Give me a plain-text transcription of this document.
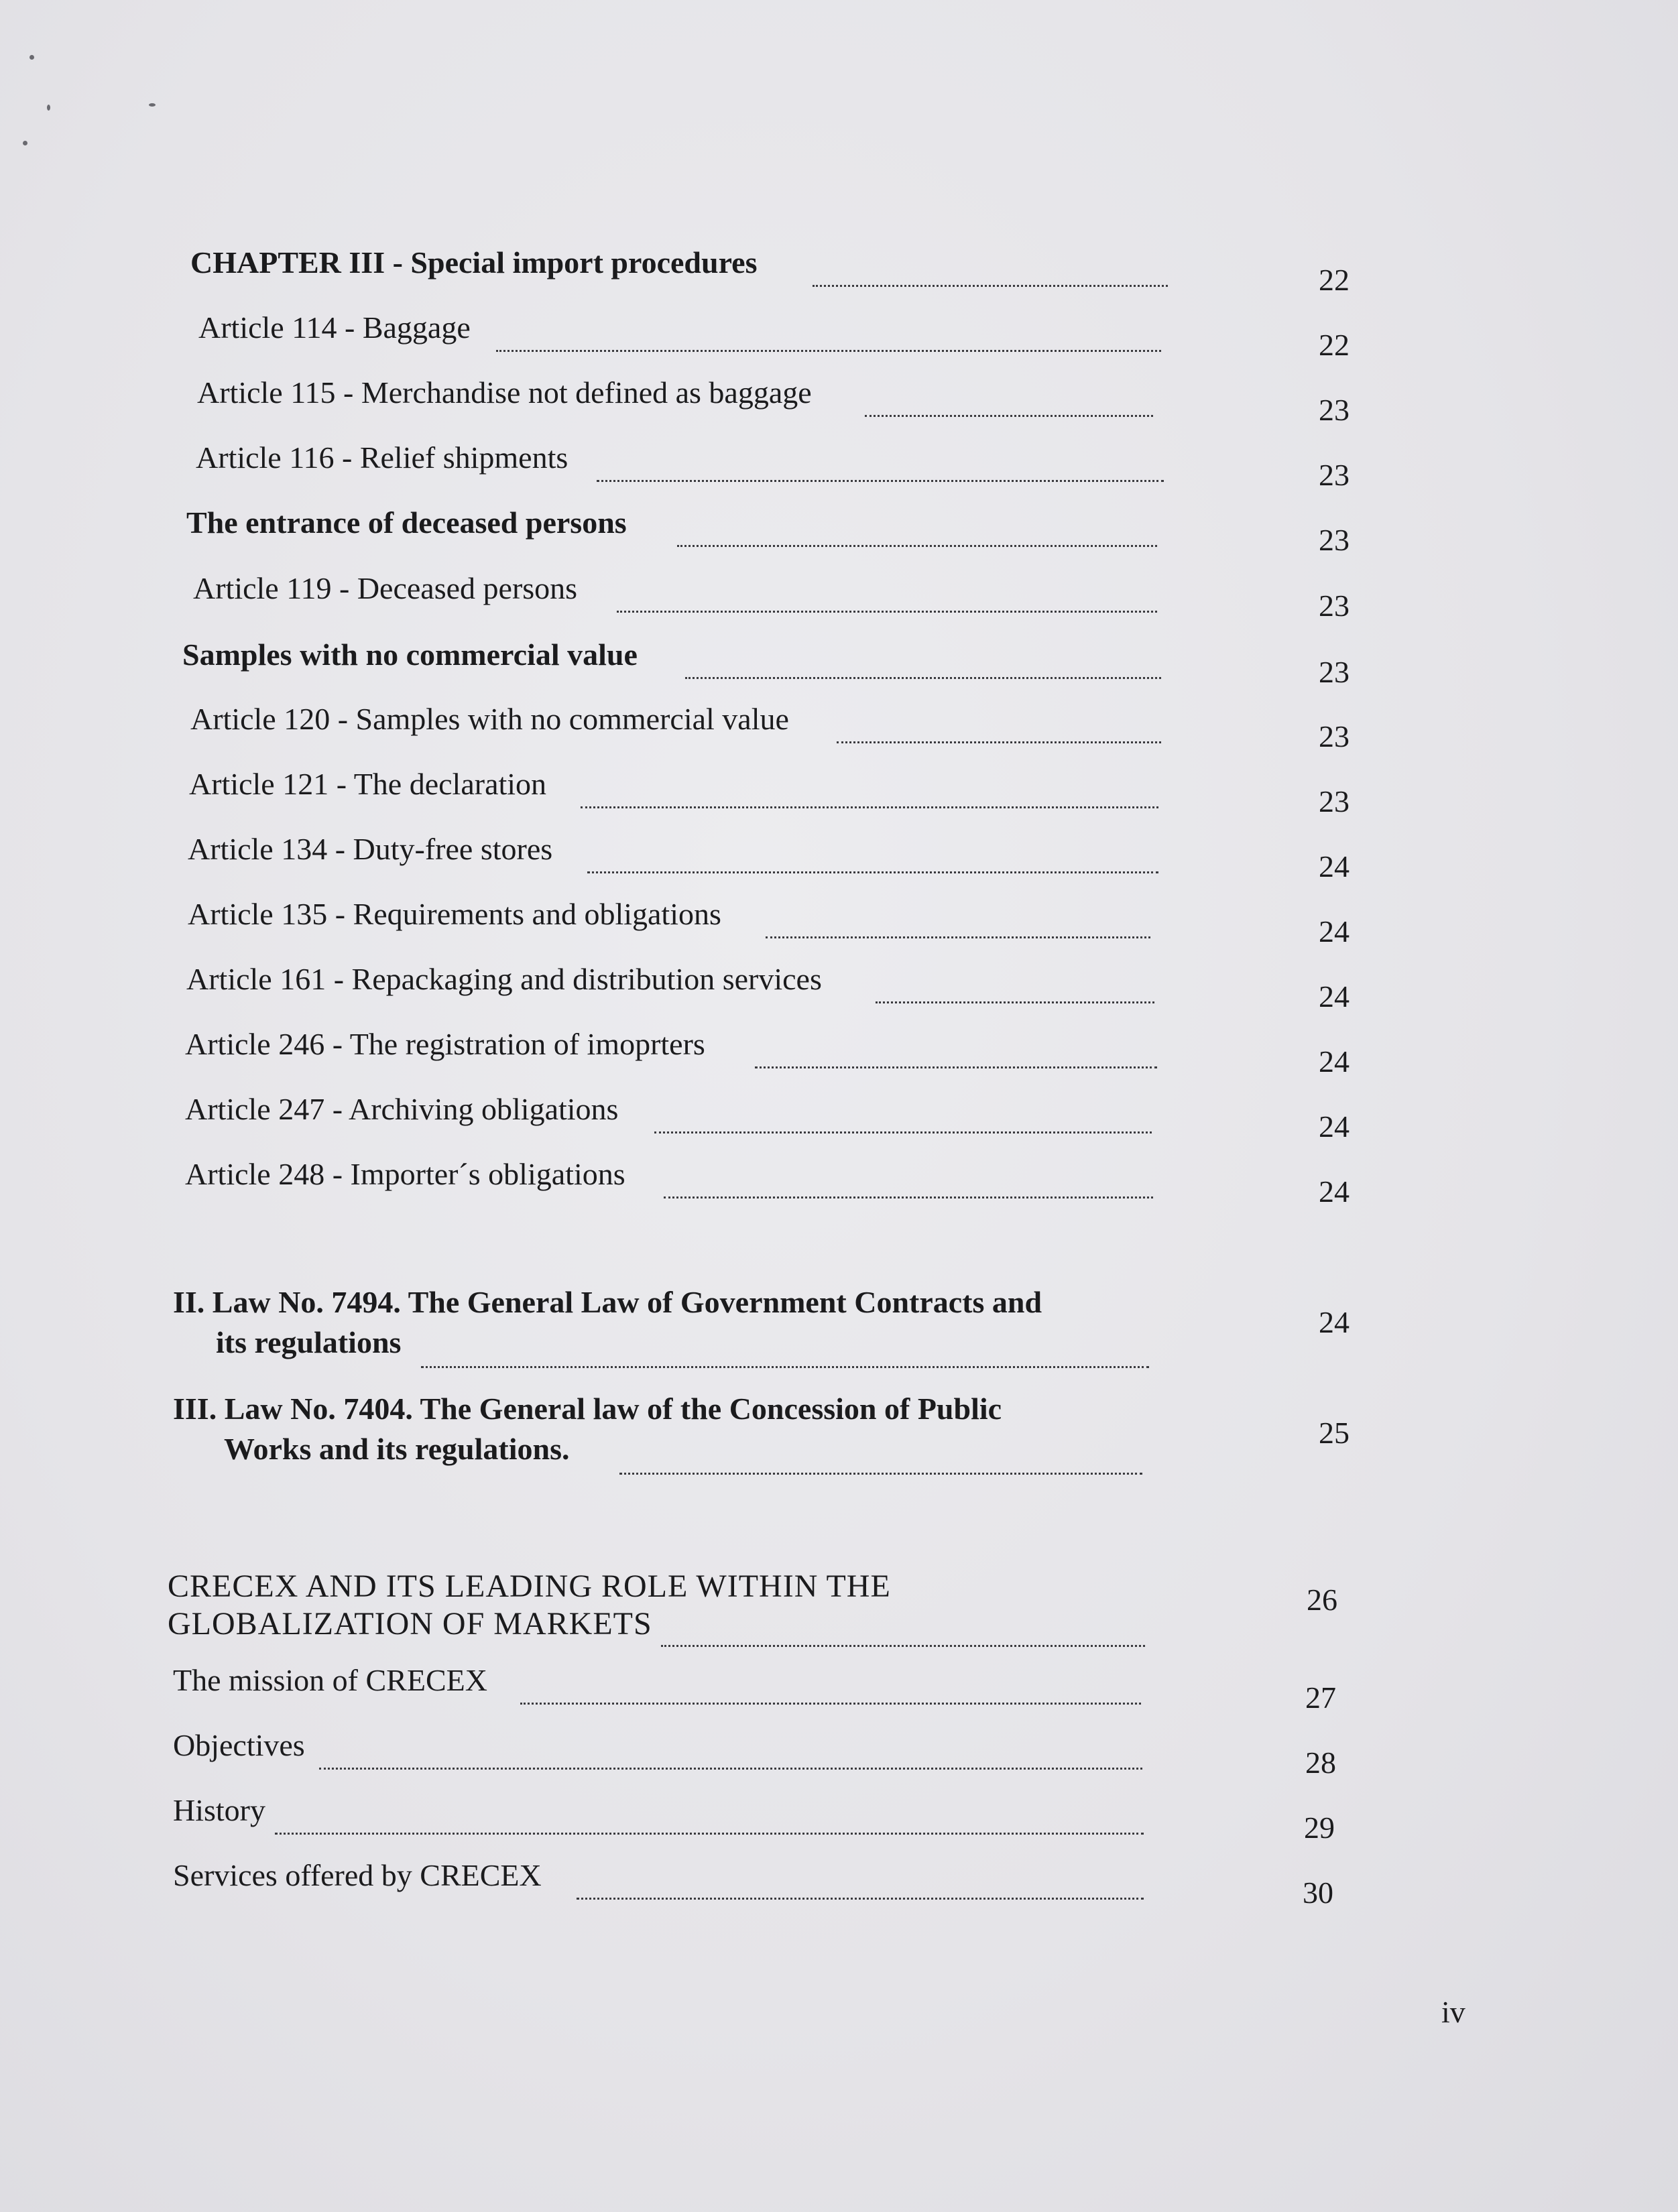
CHAPTER III - Special import procedures
22
Article 114 - Baggage
22
Article 115 - Merchandise not defined as baggage
23
Article 116 - Relief shipments
23
The entrance of deceased persons
23
Article 119 - Deceased persons
23
Samples with no commercial value
23
Article 120 - Samples with no commercial value
23
Article 121 - The declaration
23
Article 134 - Duty-free stores
24
Article 135 - Requirements and obligations
24
Article 161 - Repackaging and distribution services
24
Article 246 - The registration of imoprters
24
Article 247 - Archiving obligations
24
Article 248 - Importer´s obligations
24
II. Law No. 7494. The General Law of Government Contracts and
its regulations
24
III. Law No. 7404. The General law of the Concession of Public
Works and its regulations.	25
CRECEX AND ITS LEADING ROLE WITHIN THE
GLOBALIZATION OF MARKETS
26
The mission of CRECEX
27
Objectives
28
History
29
Services offered by CRECEX
30
iv
